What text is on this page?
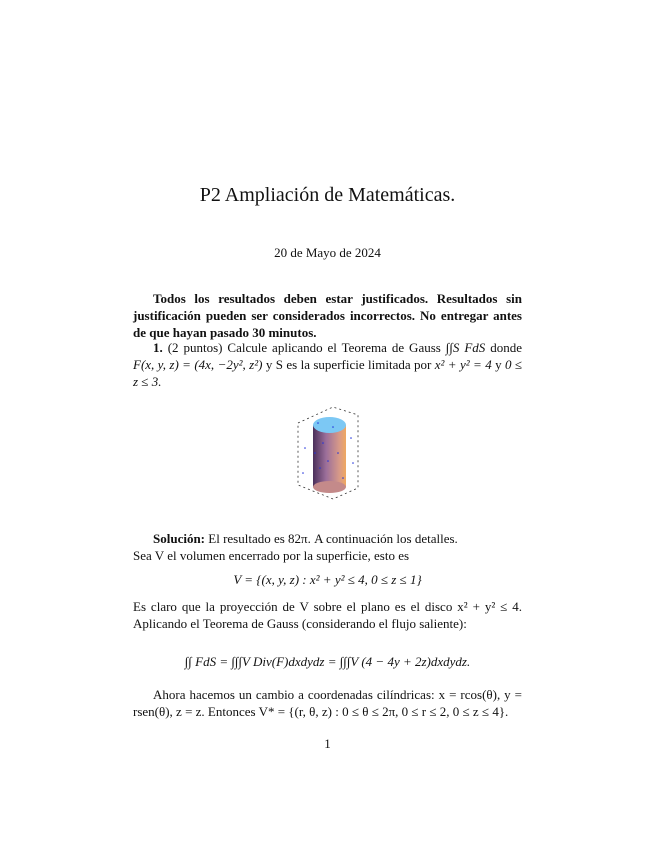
P2 Ampliación de Matemáticas.
20 de Mayo de 2024
Todos los resultados deben estar justificados. Resultados sin justificación pueden ser considerados incorrectos. No entregar antes de que hayan pasado 30 minutos.
1. (2 puntos) Calcule aplicando el Teorema de Gauss ∫∫S FdS donde F(x, y, z) = (4x, −2y², z²) y S es la superficie limitada por x² + y² = 4 y 0 ≤ z ≤ 3.
Solución: El resultado es 82π. A continuación los detalles.
Sea V el volumen encerrado por la superficie, esto es
V = {(x, y, z) : x² + y² ≤ 4, 0 ≤ z ≤ 1}
Es claro que la proyección de V sobre el plano es el disco x² + y² ≤ 4. Aplicando el Teorema de Gauss (considerando el flujo saliente):
∫∫ FdS = ∫∫∫V Div(F)dxdydz = ∫∫∫V (4 − 4y + 2z)dxdydz.
Ahora hacemos un cambio a coordenadas cilíndricas: x = rcos(θ), y = rsen(θ), z = z. Entonces V* = {(r, θ, z) : 0 ≤ θ ≤ 2π, 0 ≤ r ≤ 2, 0 ≤ z ≤ 4}.
1
